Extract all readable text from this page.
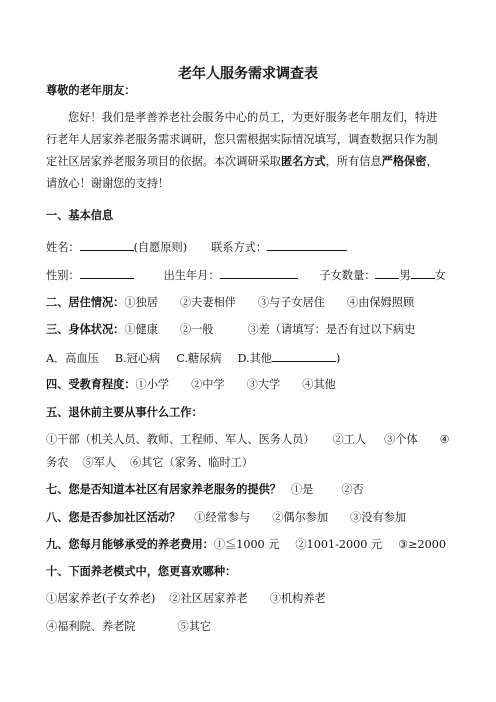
老年人服务需求调查表
尊敬的老年朋友：
您好！我们是孝善养老社会服务中心的员工，为更好服务老年朋友们，特进
行老年人居家养老服务需求调研，您只需根据实际情况填写，调查数据只作为制
定社区居家养老服务项目的依据。本次调研采取匿名方式，所有信息严格保密，
请放心！谢谢您的支持！
一、基本信息
姓名：	(自愿原则) 联系方式：
性别：	出生年月：	子女数量： 男 女
二、居住情况：①独居 ②夫妻相伴 ③与子女居住 ④由保姆照顾
三、身体状况：①健康 ②一般	③差（请填写：是否有过以下病史
A．高血压 B.冠心病 C.糖尿病 D.其他	)
四、受教育程度：①小学 ②中学 ③大学 ④其他
五、退休前主要从事什么工作：
①干部（机关人员、教师、工程师、军人、医务人员） ②工人 ③个体 ④
务农 ⑤军人 ⑥其它（家务、临时工）
七、您是否知道本社区有居家养老服务的提供？ ①是	②否
八、您是否参加社区活动？ ①经常参与 ②偶尔参加 ③没有参加
九、您每月能够承受的养老费用：①≦1000 元 ②1001-2000 元 ③≥2000
十、下面养老模式中，您更喜欢哪种：
①居家养老(子女养老) ②社区居家养老 ③机构养老
④福利院、养老院	⑤其它
